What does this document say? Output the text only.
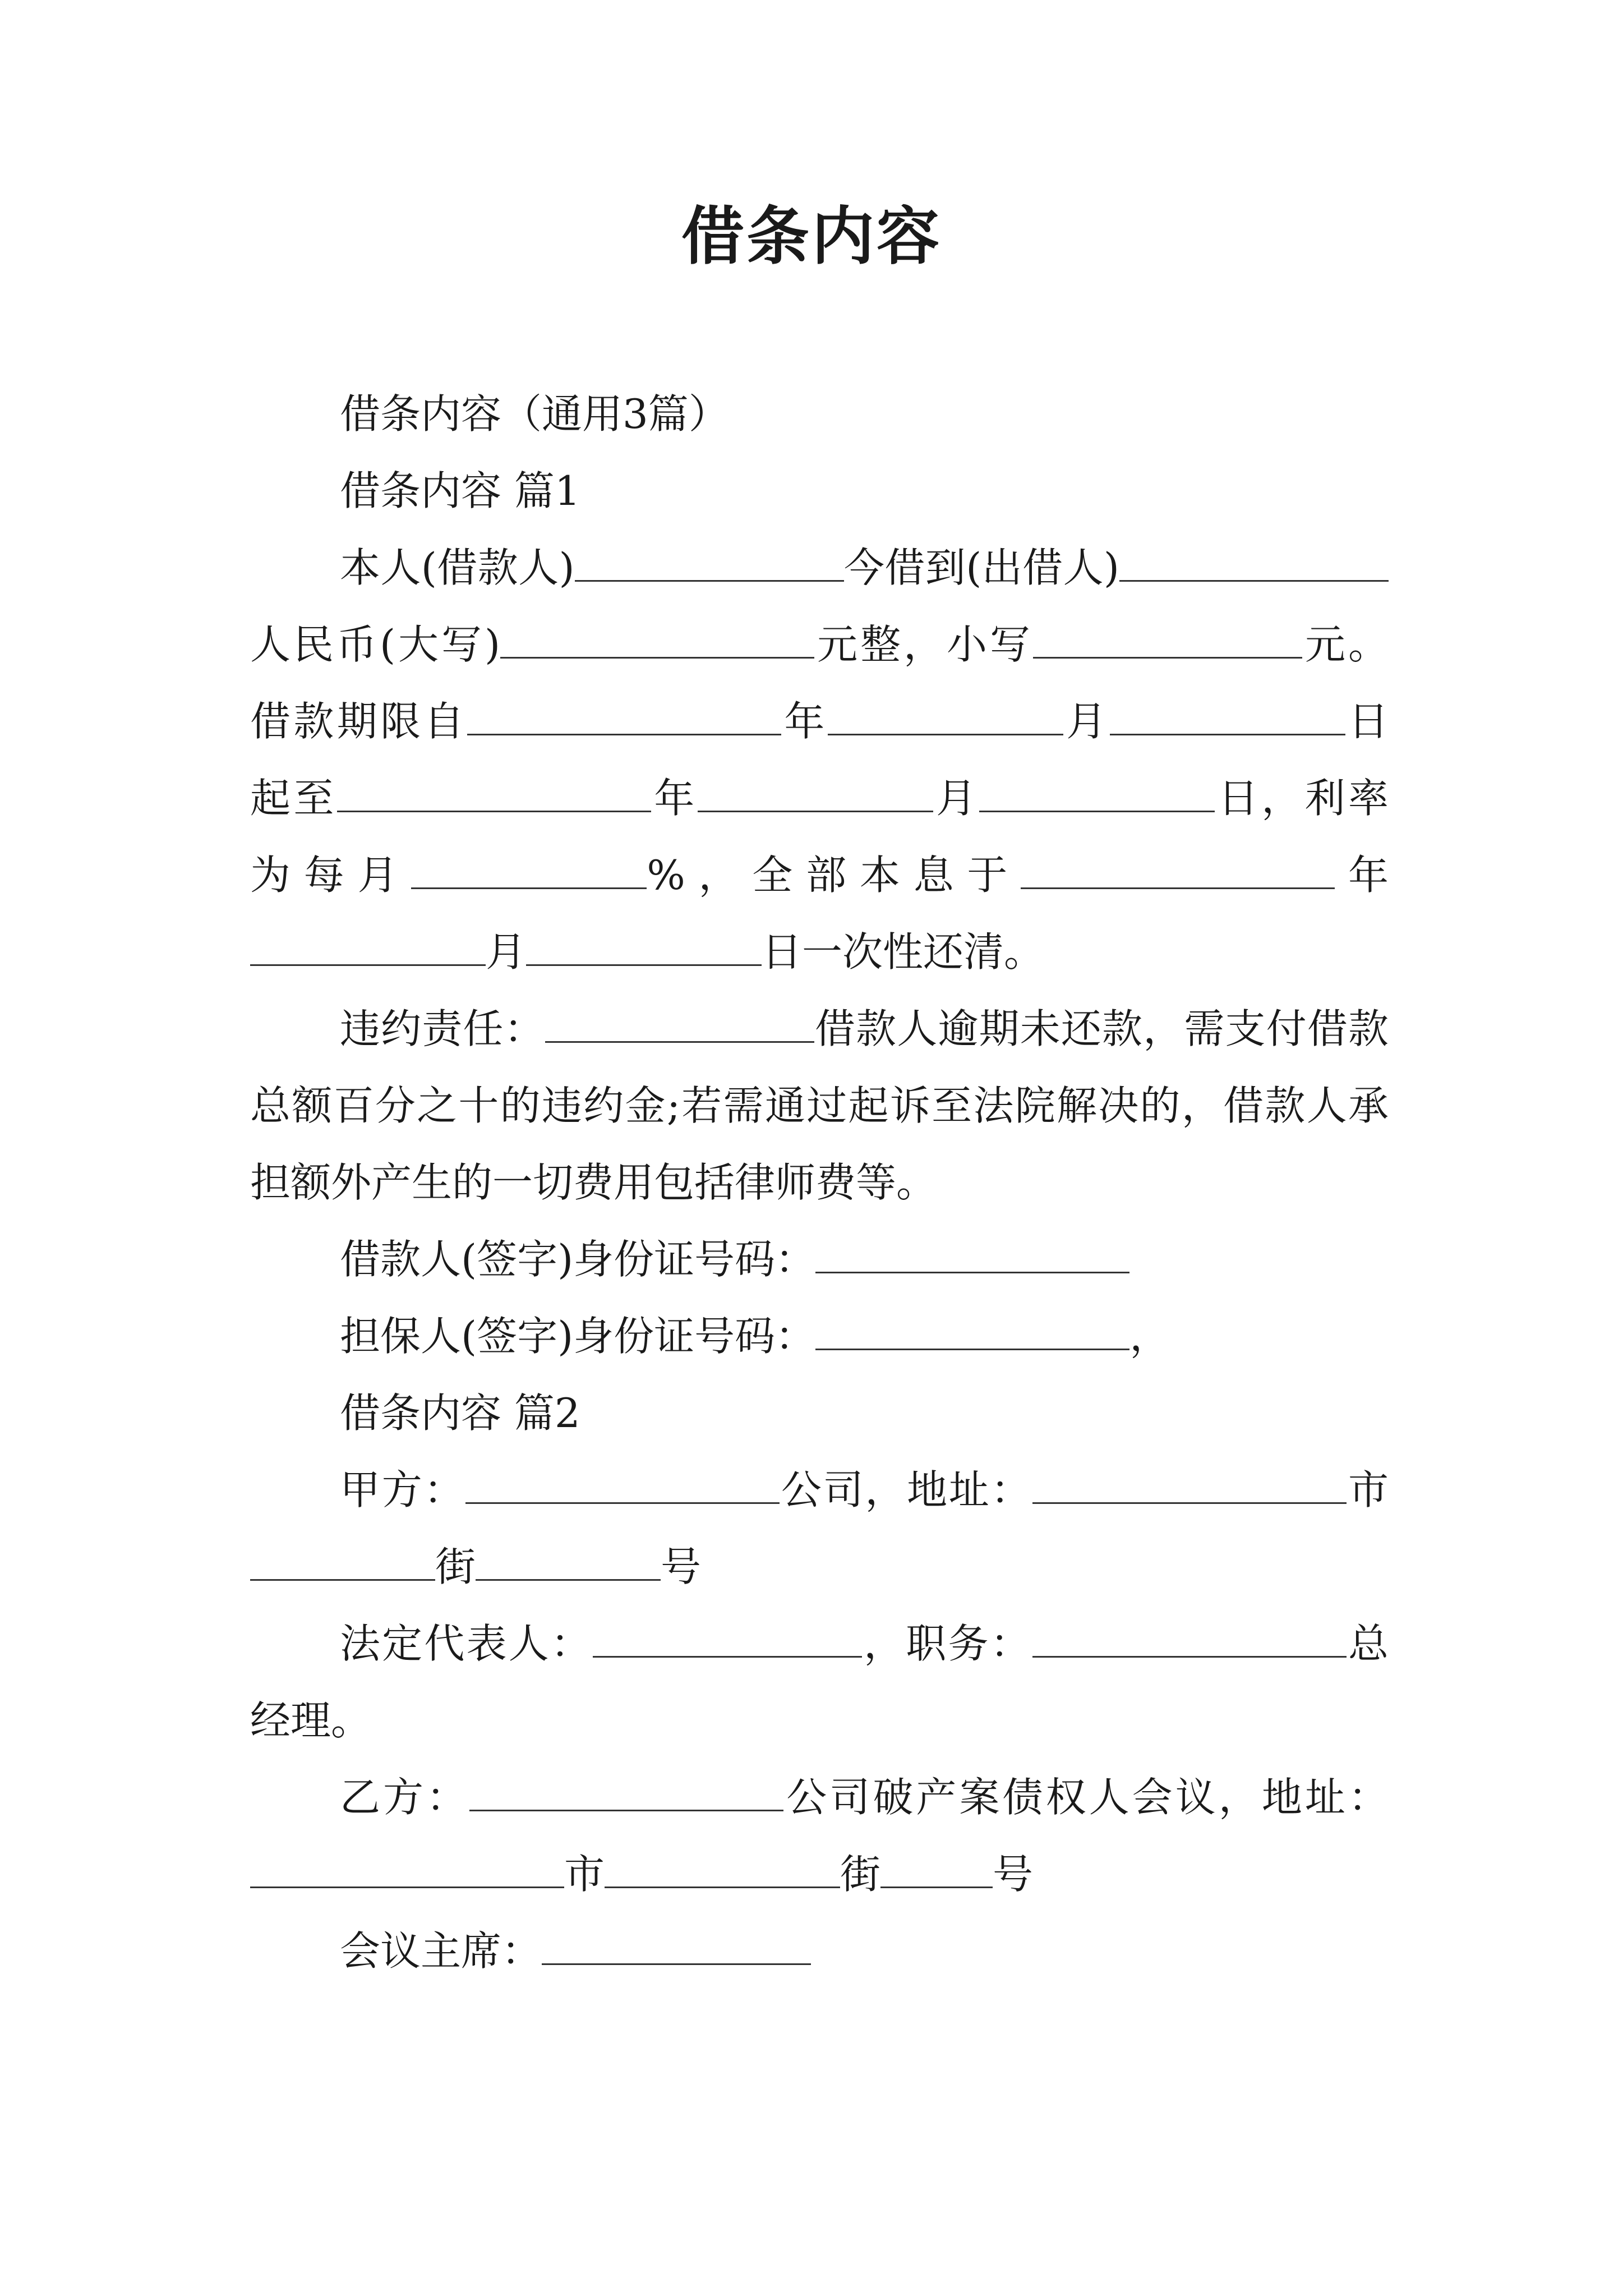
借条内容

借条内容（通用3篇）

借条内容 篇1

本人(借款人)	今借到(出借人)人民币(大写)	元整，小写	元。借款期限自	年	月	日起至	年	月	日，利率为每月	%，全部本息于	年月	日一次性还清。

违约责任：	借款人逾期未还款，需支付借款总额百分之十的违约金;若需通过起诉至法院解决的，借款人承担额外产生的一切费用包括律师费等。

借款人(签字)身份证号码：

担保人(签字)身份证号码：	，

借条内容 篇2

甲方：	公司，地址：	市街	号

法定代表人：	，职务：	总经理。

乙方：	公司破产案债权人会议，地址：市	街	号

会议主席：
